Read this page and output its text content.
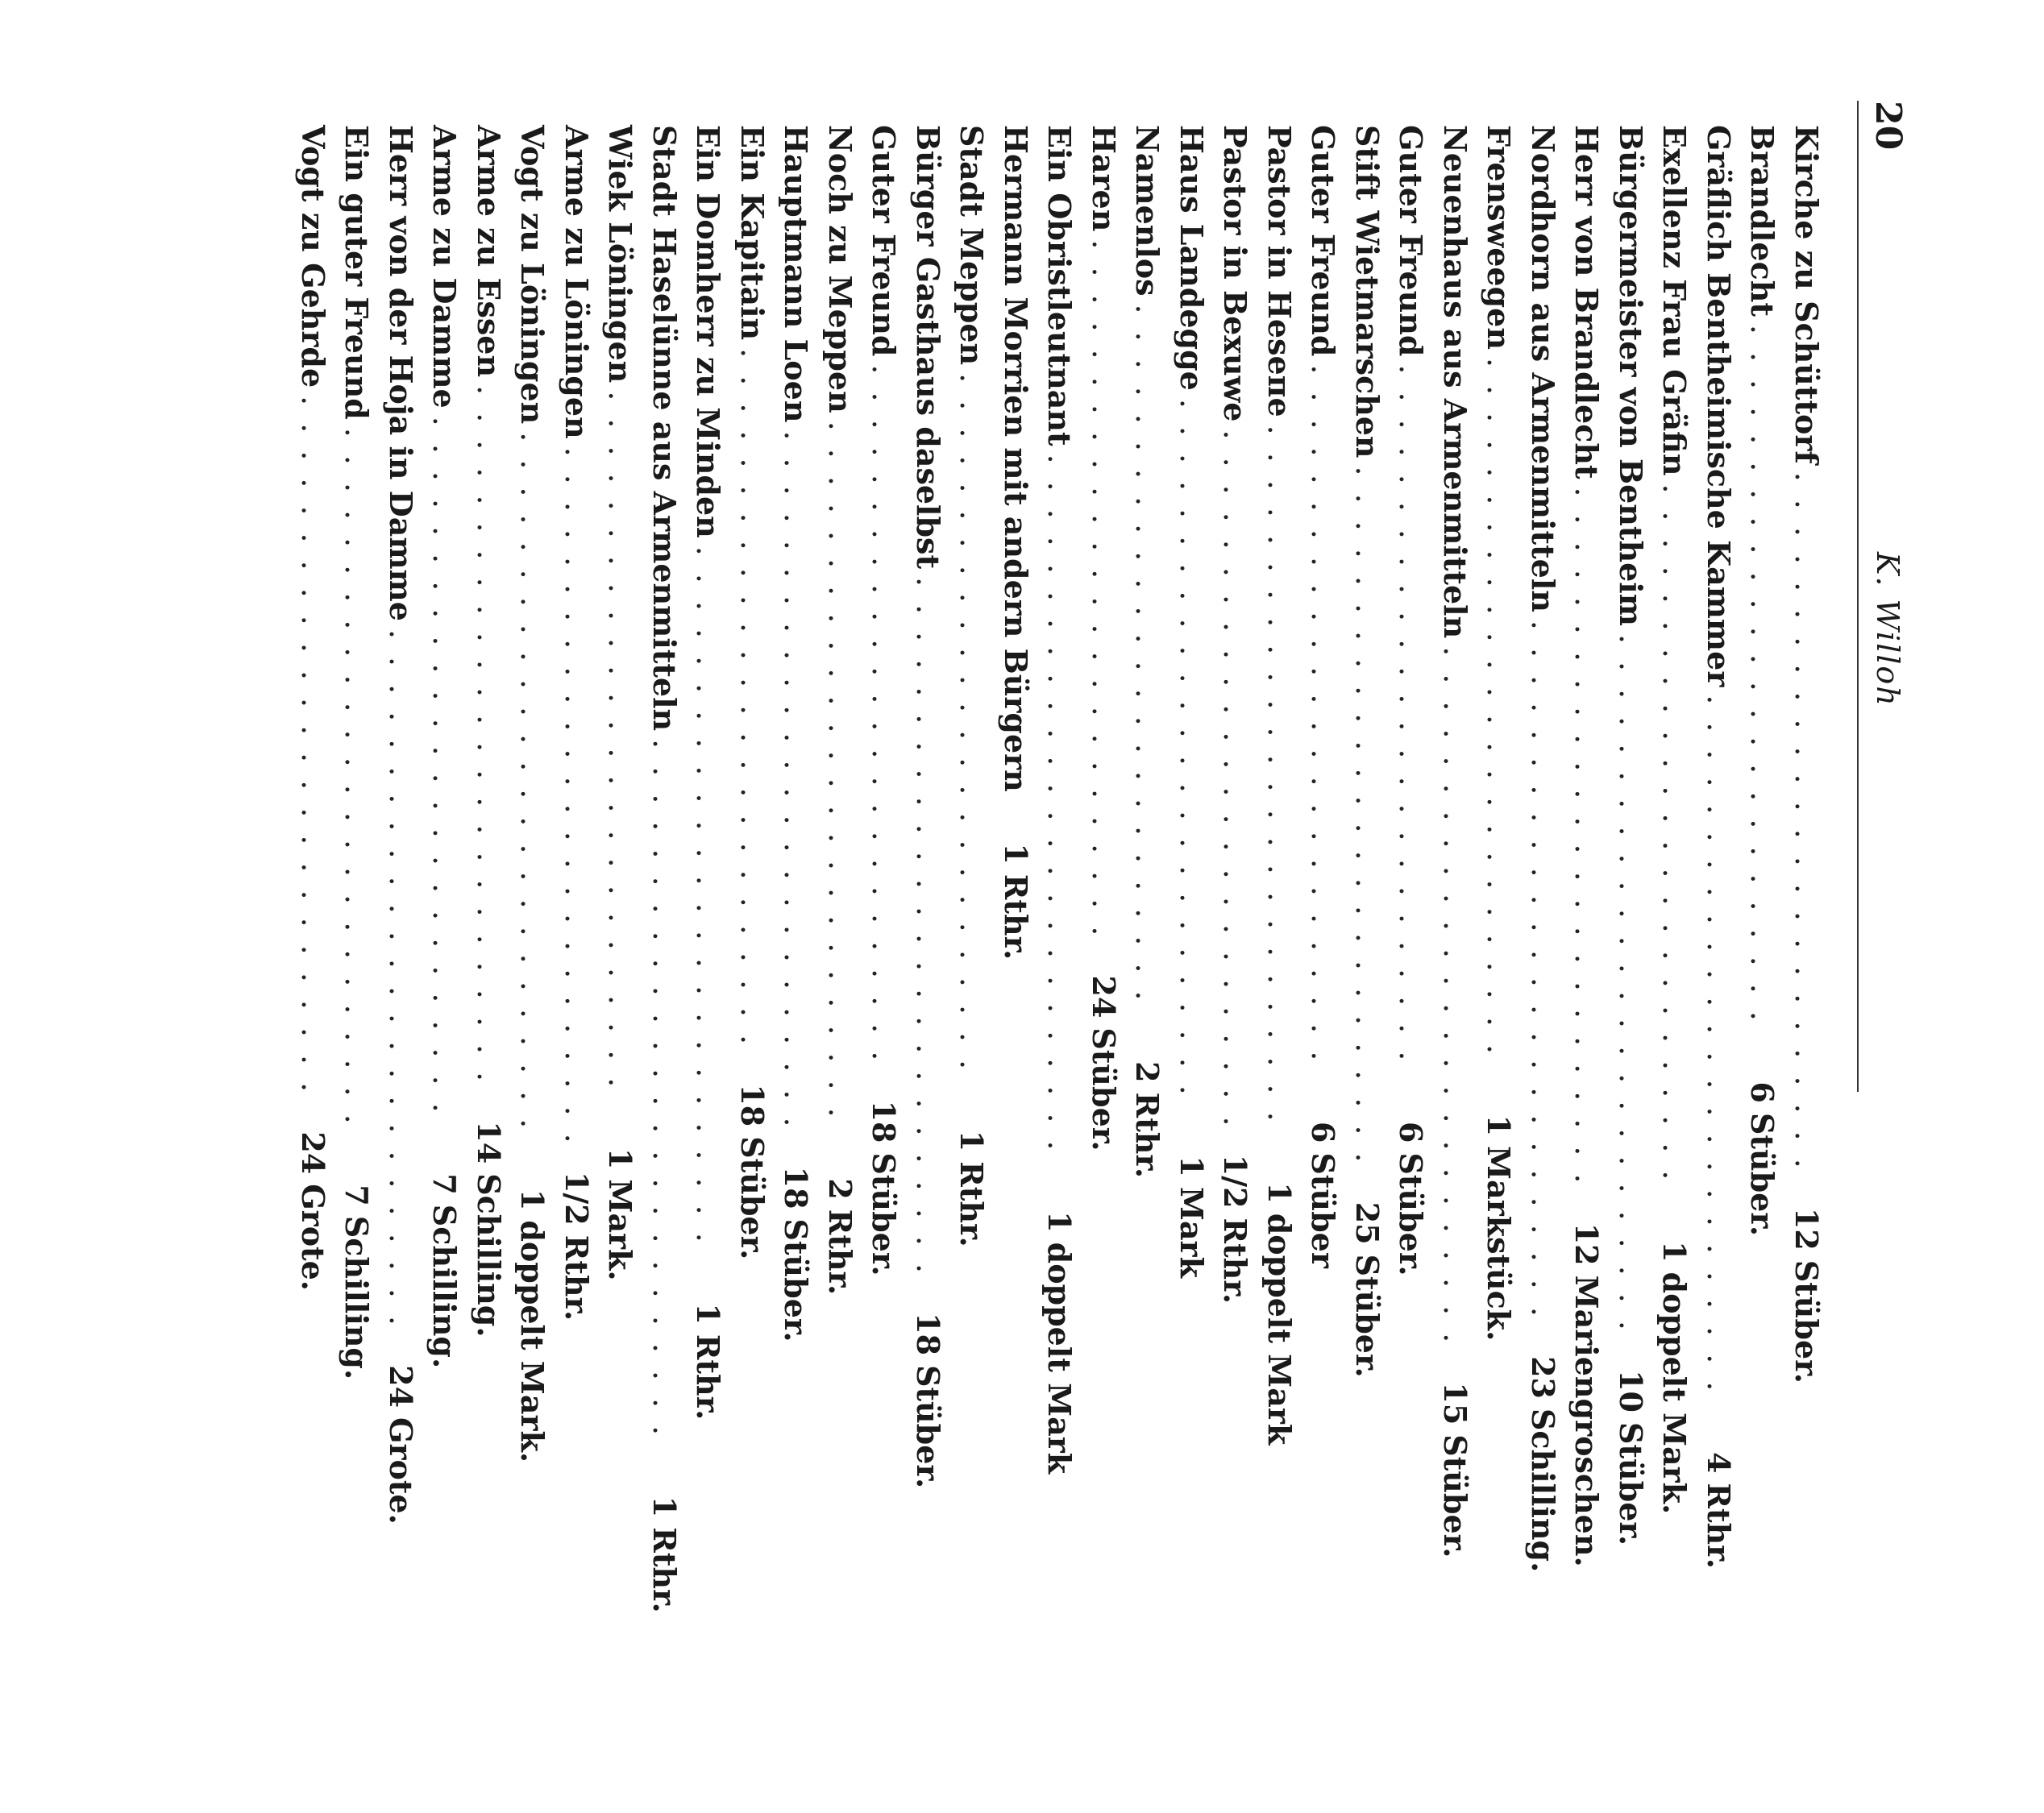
20
K. Willoh
Kirche zu Schüttorf
..........................
12
Stüber.
Brandlecht
..........................
6
Stüber.
Gräflich Bentheimische Kammer
..........................
4
Rthr.
Exellenz Frau Gräfin
..........................
1
doppelt Mark.
Bürgermeister von Bentheim
..........................
10
Stüber.
Herr von Brandlecht
..........................
12
Mariengroschen.
Nordhorn aus Armenmitteln
..........................
23
Schilling.
Frensweegen
..........................
1
Markstück.
Neuenhaus aus Armenmitteln
..........................
15
Stüber.
Guter Freund
..........................
6
Stüber.
Stift Wietmarschen
..........................
25
Stüber.
Guter Freund
..........................
6
Stüber
Pastor in Heseпе
..........................
1
doppelt Mark
Pastor in Bexuwe
..........................
1/2
Rthr.
Haus Landegge
..........................
1
Mark
Namenlos
..........................
2
Rthr.
Haren
..........................
24
Stüber.
Ein Obristleutnant
..........................
1
doppelt Mark
Hermann Morrien mit andern Bürgern
1
Rthr.
Stadt Meppen
..........................
1
Rthr.
Bürger Gasthaus daselbst
..........................
18
Stüber.
Guter Freund
..........................
18
Stüber.
Noch zu Meppen
..........................
2
Rthr.
Hauptmann Loen
..........................
18
Stüber.
Ein Kapitain
..........................
18
Stüber.
Ein Domherr zu Minden
..........................
1
Rthr.
Stadt Haselünne aus Armenmitteln
..........................
1
Rthr.
Wiek Löningen
..........................
1
Mark.
Arme zu Löningen
..........................
1/2
Rthr.
Vogt zu Löningen
..........................
1
doppelt Mark.
Arme zu Essen
..........................
14
Schilling.
Arme zu Damme
..........................
7
Schilling.
Herr von der Hoja in Damme
..........................
24
Grote.
Ein guter Freund
..........................
7
Schilling.
Vogt zu Gehrde
..........................
24
Grote.
